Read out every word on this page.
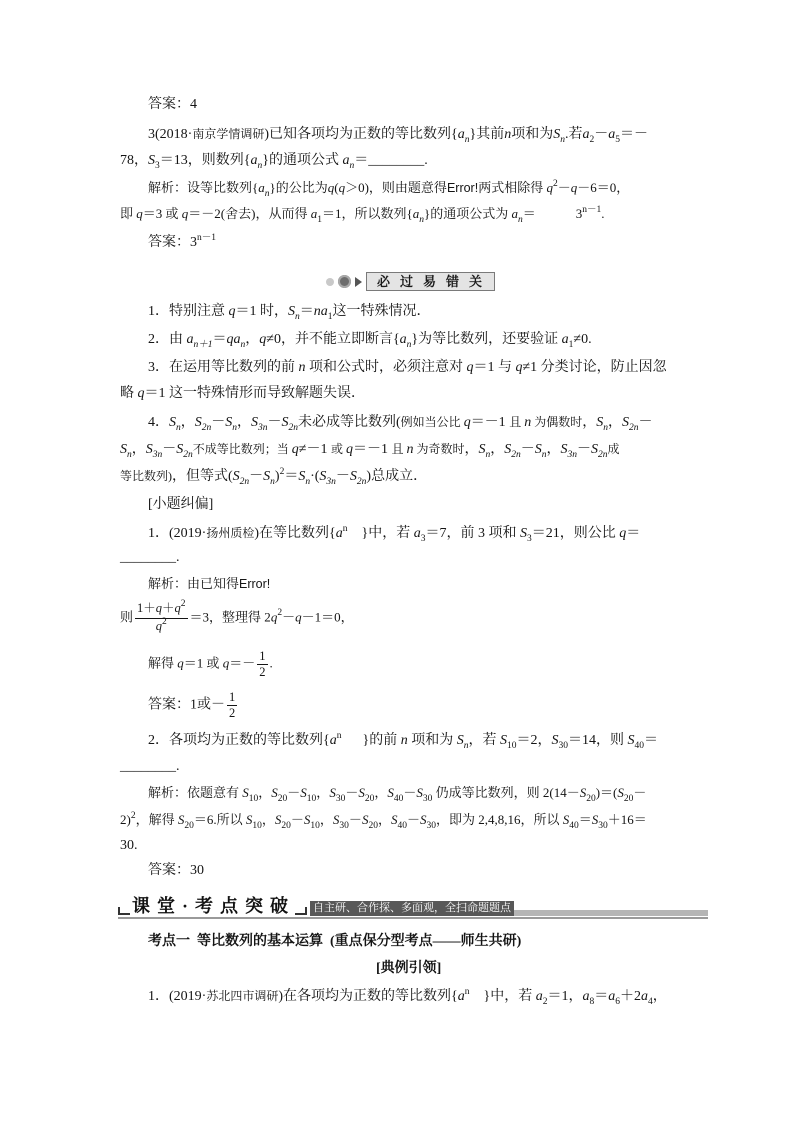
答案：4
3(2018·南京学情调研)已知各项均为正数的等比数列$\{a_n\}$其前n项和为$S_n$.若$a_2-a_5=-$
78，$S_3=13$，则数列$\{a_n\}$的通项公式 $a_n=\_\_\_\_\_\_\_\_$.
解析：设等比数列$\{a_n\}$的公比为q(q＞0)，则由题意得Error!两式相除得 $q^2-q-6=0$，
即 q＝3 或 q＝－2(舍去)，从而得 $a_1=1$，所以数列$\{a_n\}$的通项公式为 $a_n=$	$3^{n-1}$.
答案：$3^{n-1}$
必过易错关
1．特别注意 q＝1 时，$S_n=na_1$这一特殊情况．
2．由 $a_{n+1}=qa_n$，q≠0，并不能立即断言$\{a_n\}$为等比数列，还要验证 $a_1\ne 0$.
3．在运用等比数列的前 n 项和公式时，必须注意对 q＝1 与 q≠1 分类讨论，防止因忽
略 q＝1 这一特殊情形而导致解题失误．
4．$S_n$，$S_{2n}-S_n$，$S_{3n}-S_{2n}$未必成等比数列(例如当公比 q＝－1 且 n 为偶数时，$S_n$，$S_{2n}-$
$S_n$，$S_{3n}-S_{2n}$不成等比数列；当 q≠－1 或 q＝－1 且 n 为奇数时，$S_n$，$S_{2n}-S_n$，$S_{3n}-S_{2n}$成
等比数列)，但等式$(S_{2n}-S_n)^2=S_n\cdot(S_{3n}-S_{2n})$总成立．
[小题纠偏]
1．(2019·扬州质检)在等比数列{$a^n$    }中，若 $a_3=7$，前 3 项和 $S_3=21$，则公比 q＝
________.
解析：由已知得Error!
则 $\frac{1+q+q^2}{q^2} =3$，整理得 $2q^2-q-1=0$，
解得 q＝1 或 $q=- \frac{1}{2}$ .
答案：1或－ $\frac{1}{2}$
2．各项均为正数的等比数列{$a^n$      }的前 n 项和为 $S_n$，若 $S_{10}=2$，$S_{30}=14$，则 $S_{40}=$
________.
解析：依题意有 $S_{10}$，$S_{20}-S_{10}$，$S_{30}-S_{20}$，$S_{40}-S_{30}$ 仍成等比数列，则 $2(14-S_{20})=(S_{20}-$
2)$^2$，解得 $S_{20}=6$.所以 $S_{10}$，$S_{20}-S_{10}$，$S_{30}-S_{20}$，$S_{40}-S_{30}$，即为 2,4,8,16，所以 $S_{40}=S_{30}+16=$
30.
答案：30
课堂·考点突破 自主研、合作探、多面观，全扫命题题点
考点一  等比数列的基本运算  (重点保分型考点——师生共研)
[典例引领]
1．(2019·苏北四市调研)在各项均为正数的等比数列{$a^n$    }中，若 $a_2=1$，$a_8=a_6+2a_4$，
